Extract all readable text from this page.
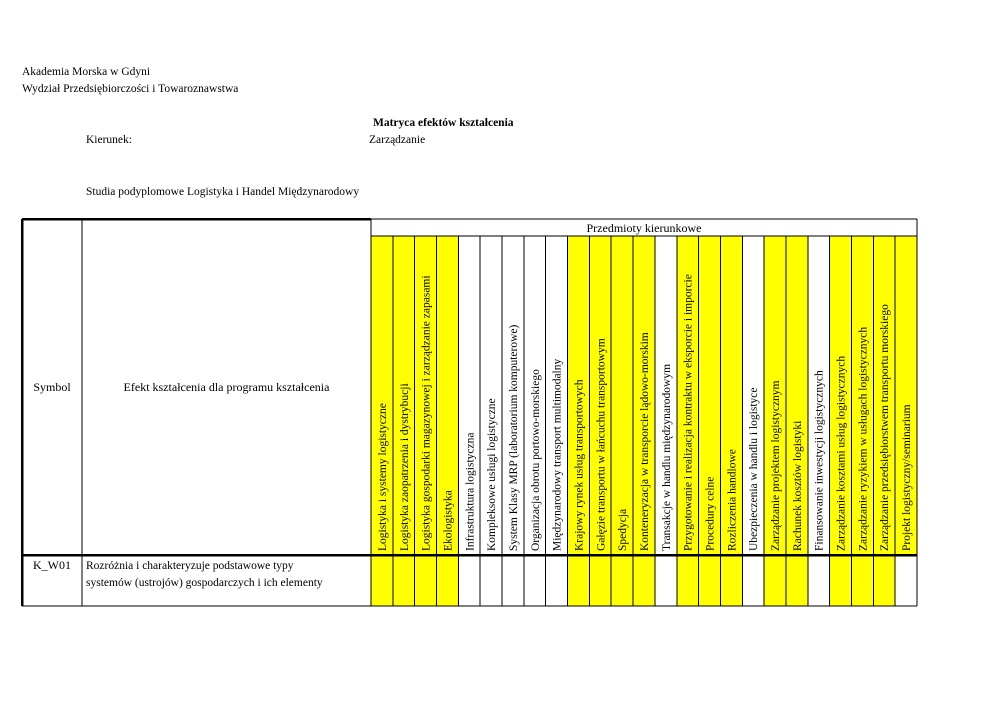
Akademia Morska w Gdyni
Wydział Przedsiębiorczości i Towaroznawstwa
Matryca efektów kształcenia
Kierunek:	Zarządzanie
Studia podyplomowe Logistyka i Handel Międzynarodowy
Symbol	Efekt kształcenia dla programu kształcenia
Przedmioty kierunkowe
Logistyka i systemy logistyczne Logistyka zaopatrzenia i dystrybucji Logistyka gospodarki magazynowej i zarządzanie zapasami Ekologistyka Infrastruktura logistyczna Kompleksowe usługi logistyczne System Klasy MRP (laboratorium komputerowe) Organizacja obrotu portowo-morskiego Międzynarodowy transport multimodalny Krajowy rynek usług transportowych Gałęzie transportu w łańcuchu transportowym Spedycja Konteneryzacja w transporcie lądowo-morskim Transakcje w handlu międzynarodowym Przygotowanie i realizacja kontraktu w eksporcie i imporcie Procedury celne Rozliczenia handlowe Ubezpieczenia w handlu i logistyce Zarządzanie projektem logistycznym Rachunek kosztów logistyki Finansowanie inwestycji logistycznych Zarządzanie kosztami usług logistycznych Zarządzanie ryzykiem w usługach logistycznych Zarządzanie przedsiębiorstwem transportu morskiego Projekt logistyczny/seminarium
K_W01 Rozróżnia i charakteryzuje podstawowe typy
systemów (ustrojów) gospodarczych i ich elementy
